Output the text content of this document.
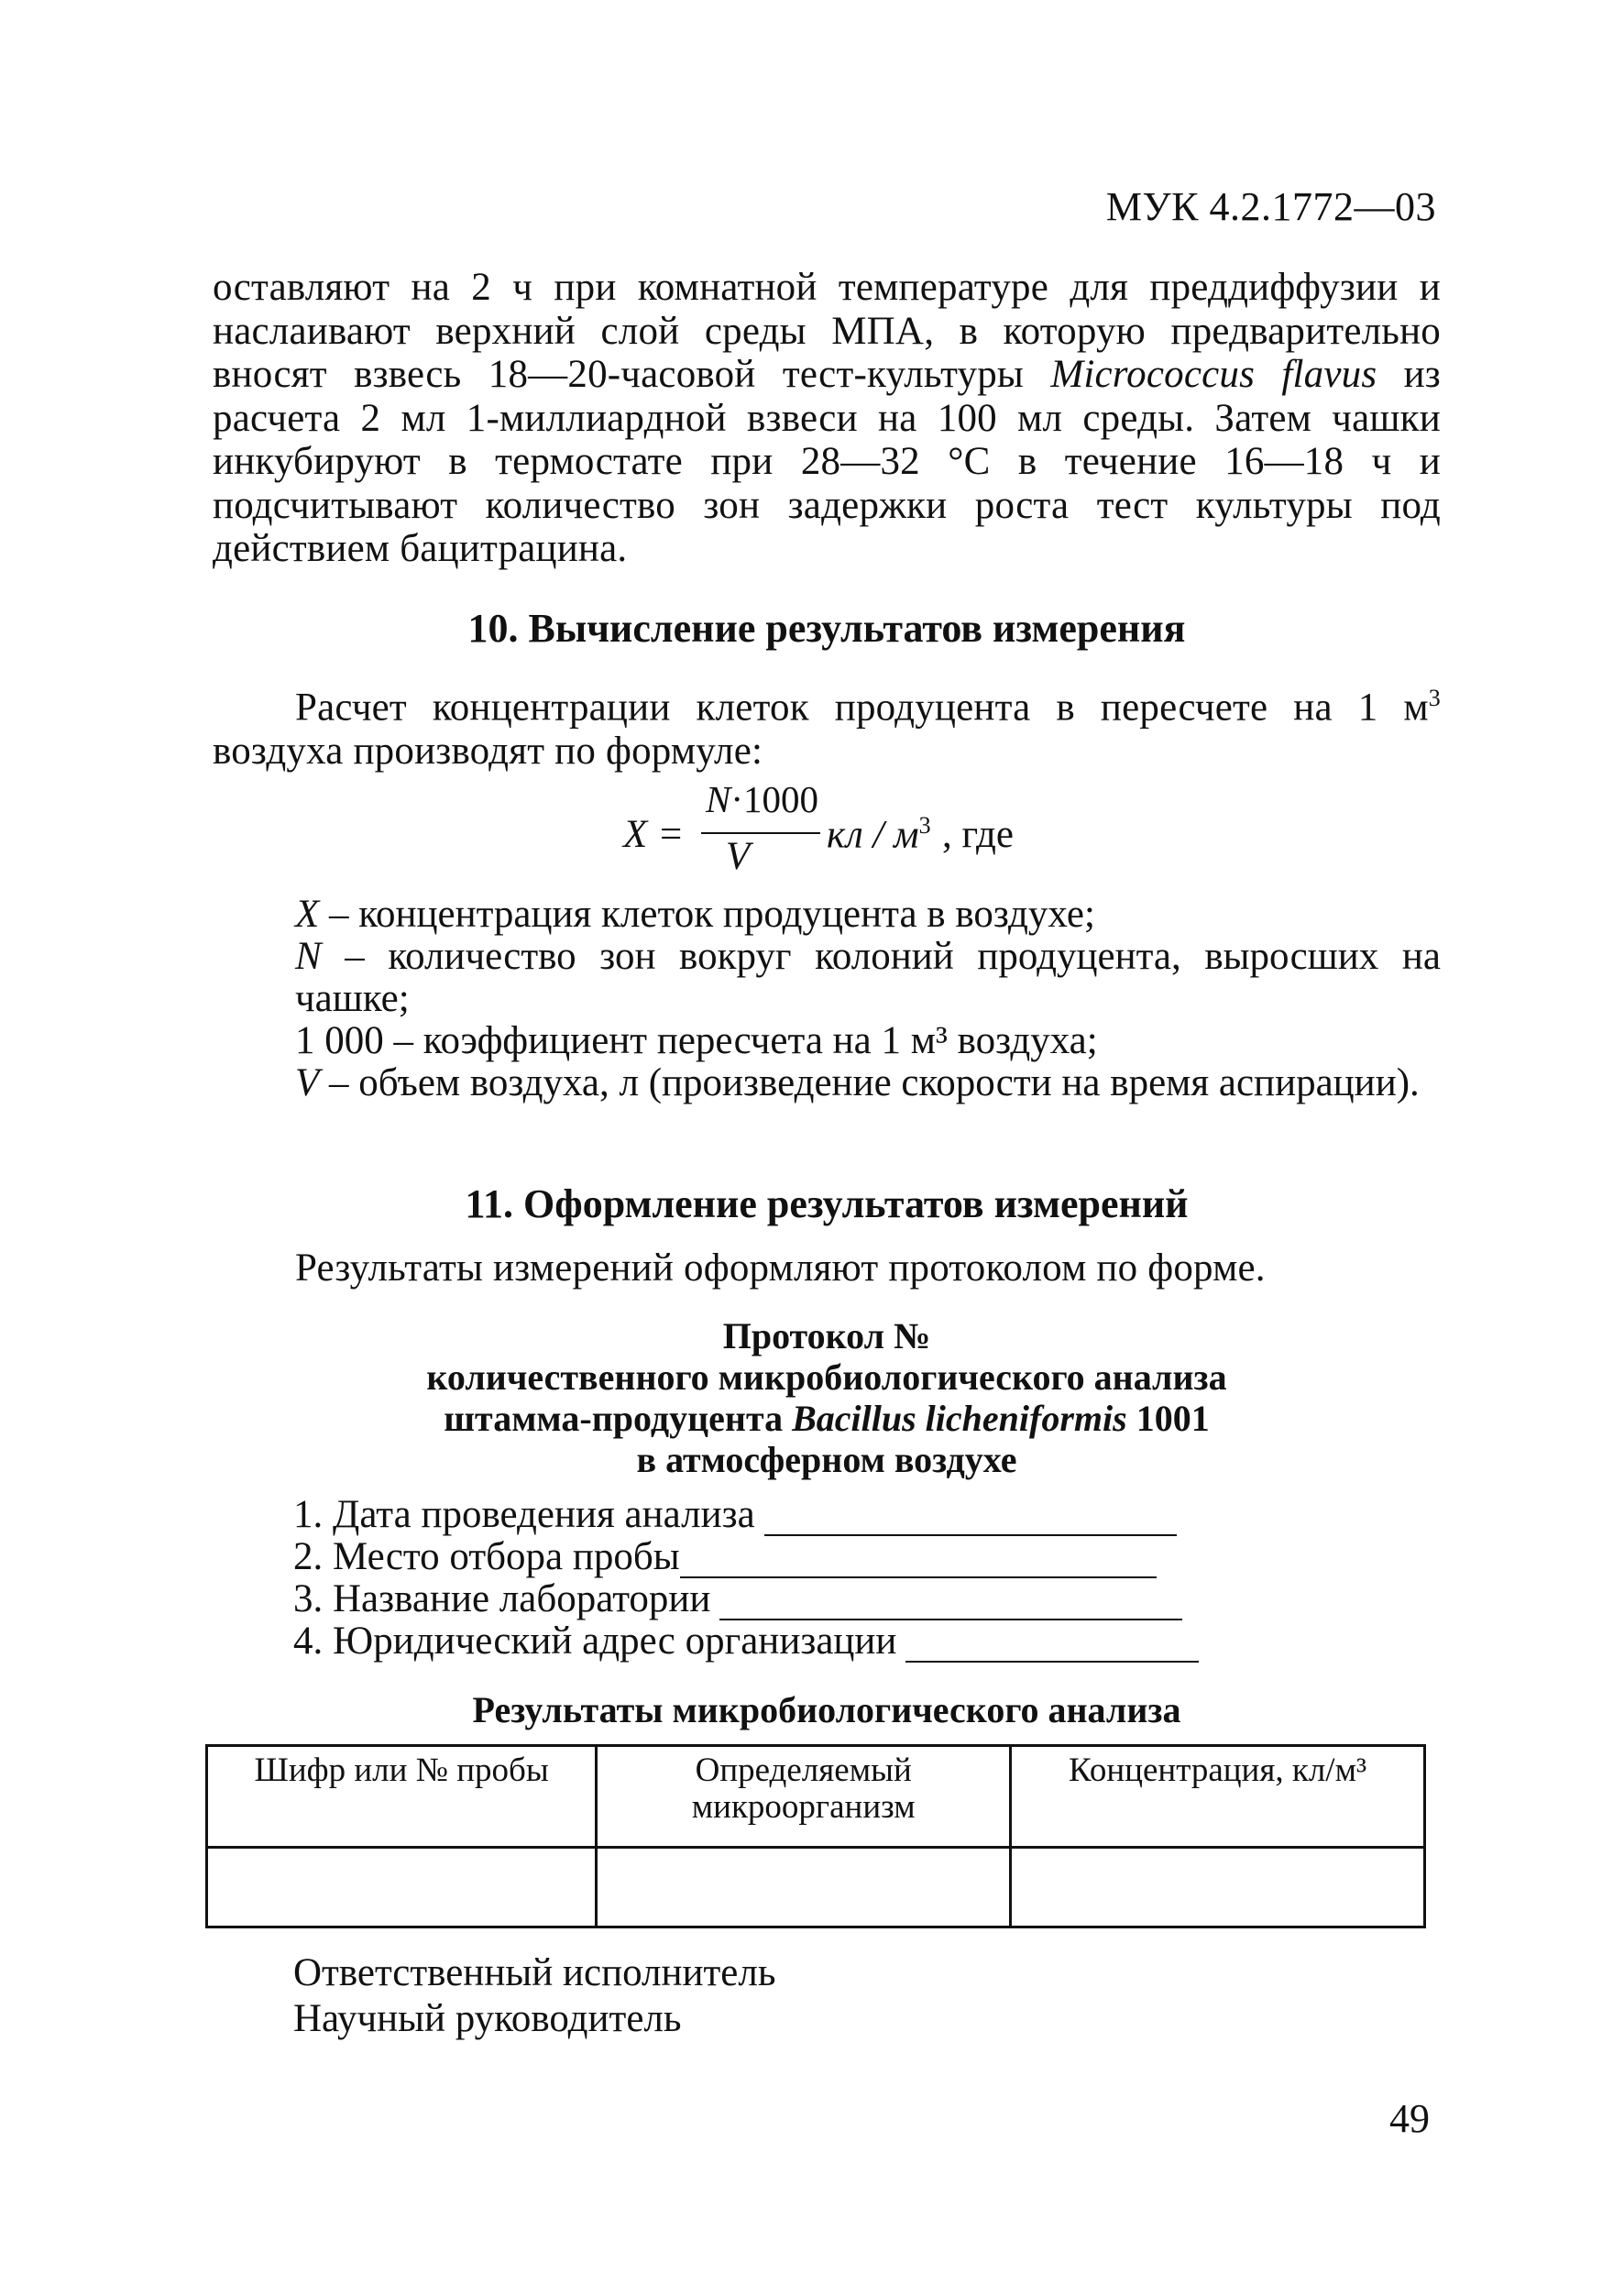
МУК 4.2.1772—03
оставляют на 2 ч при комнатной температуре для преддиффузии и наслаивают верхний слой среды МПА, в которую предварительно вносят взвесь 18—20-часовой тест-культуры Micrococcus flavus из расчета 2 мл 1-миллиардной взвеси на 100 мл среды. Затем чашки инкубируют в термостате при 28—32 °С в течение 16—18 ч и подсчитывают количество зон задержки роста тест культуры под действием бацитрацина.
10. Вычисление результатов измерения
Расчет концентрации клеток продуцента в пересчете на 1 $м^3$ воздуха производят по формуле:
X =
N·1000
V
кл / $м^3$ , где
X – концентрация клеток продуцента в воздухе;
N – количество зон вокруг колоний продуцента, выросших на чашке;
1 000 – коэффициент пересчета на 1 м³ воздуха;
V – объем воздуха, л (произведение скорости на время аспирации).
11. Оформление результатов измерений
Результаты измерений оформляют протоколом по форме.
Протокол №
количественного микробиологического анализа
штамма-продуцента Bacillus licheniformis 1001
в атмосферном воздухе
1. Дата проведения анализа
2. Место отбора пробы
3. Название лаборатории
4. Юридический адрес организации
Результаты микробиологического анализа
Шифр или № пробы	Определяемый микроорганизм	Концентрация, кл/м³

Ответственный исполнитель
Научный руководитель
49
